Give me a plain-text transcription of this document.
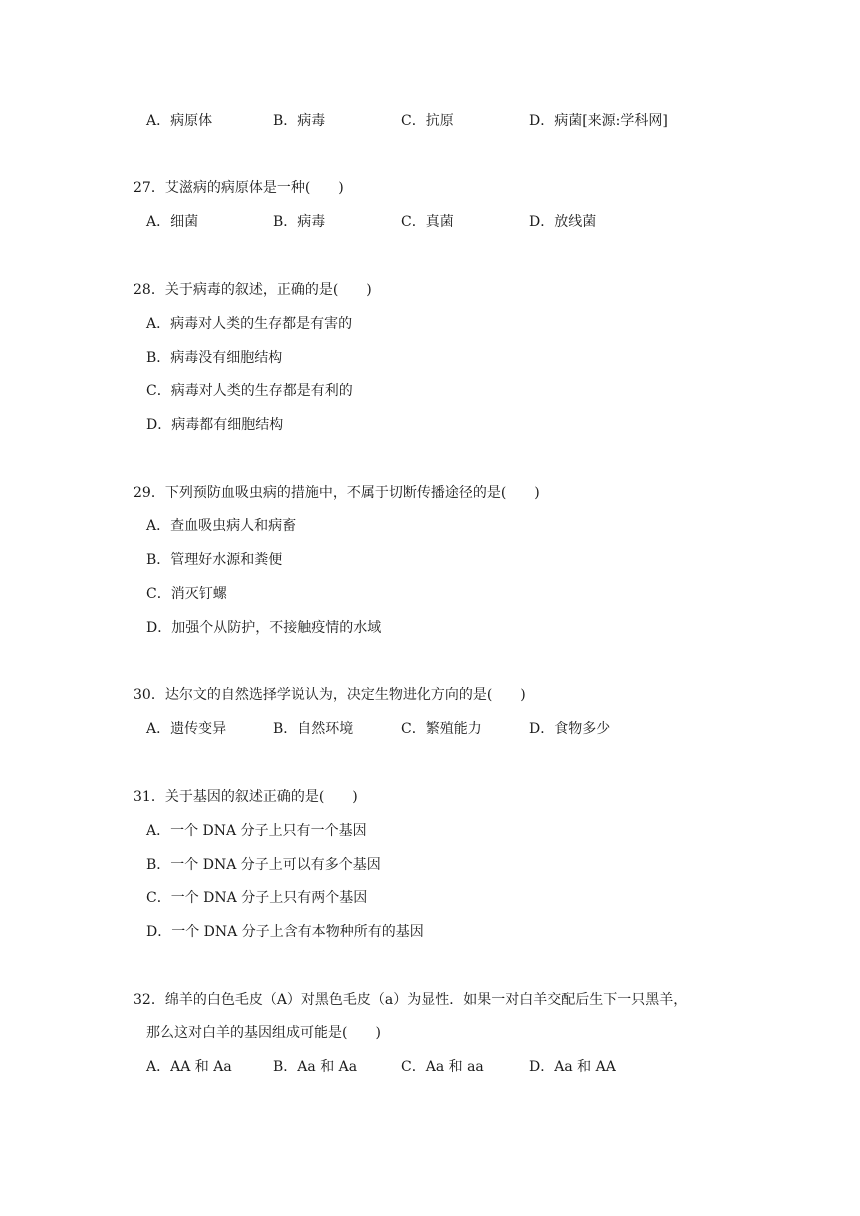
A．病原体	B．病毒	C．抗原	D．病菌[来源:学科网]
27．艾滋病的病原体是一种(　　)
A．细菌	B．病毒	C．真菌	D．放线菌
28．关于病毒的叙述，正确的是(　　)
A．病毒对人类的生存都是有害的
B．病毒没有细胞结构
C．病毒对人类的生存都是有利的
D．病毒都有细胞结构
29．下列预防血吸虫病的措施中，不属于切断传播途径的是(　　)
A．查血吸虫病人和病畜
B．管理好水源和粪便
C．消灭钉螺
D．加强个从防护，不接触疫情的水域
30．达尔文的自然选择学说认为，决定生物进化方向的是(　　)
A．遗传变异	B．自然环境	C．繁殖能力	D．食物多少
31．关于基因的叙述正确的是(　　)
A．一个 DNA 分子上只有一个基因
B．一个 DNA 分子上可以有多个基因
C．一个 DNA 分子上只有两个基因
D．一个 DNA 分子上含有本物种所有的基因
32．绵羊的白色毛皮（A）对黑色毛皮（a）为显性．如果一对白羊交配后生下一只黑羊，
那么这对白羊的基因组成可能是(　　)
A．AA 和 Aa	B．Aa 和 Aa	C．Aa 和 aa	D．Aa 和 AA
